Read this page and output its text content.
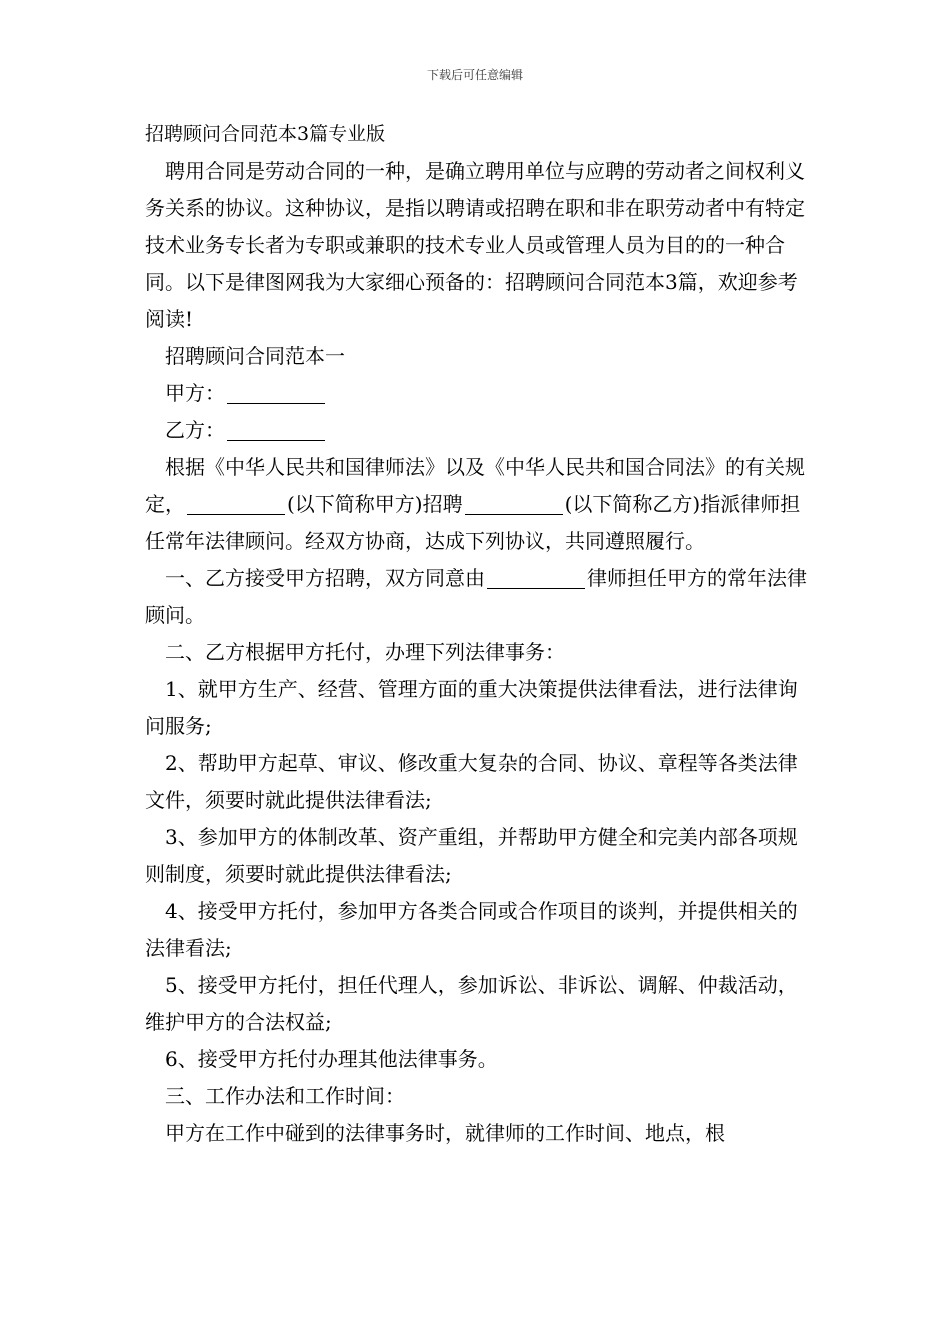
下载后可任意编辑

招聘顾问合同范本3篇专业版

聘用合同是劳动合同的一种，是确立聘用单位与应聘的劳动者之间权利义务关系的协议。这种协议，是指以聘请或招聘在职和非在职劳动者中有特定技术业务专长者为专职或兼职的技术专业人员或管理人员为目的的一种合同。以下是律图网我为大家细心预备的：招聘顾问合同范本3篇，欢迎参考阅读!

招聘顾问合同范本一

甲方：

乙方：

根据《中华人民共和国律师法》以及《中华人民共和国合同法》的有关规定，	(以下简称甲方)招聘	(以下简称乙方)指派律师担任常年法律顾问。经双方协商，达成下列协议，共同遵照履行。

一、乙方接受甲方招聘，双方同意由	律师担任甲方的常年法律顾问。

二、乙方根据甲方托付，办理下列法律事务：

1、就甲方生产、经营、管理方面的重大决策提供法律看法，进行法律询问服务;

2、帮助甲方起草、审议、修改重大复杂的合同、协议、章程等各类法律文件，须要时就此提供法律看法;

3、参加甲方的体制改革、资产重组，并帮助甲方健全和完美内部各项规则制度，须要时就此提供法律看法;

4、接受甲方托付，参加甲方各类合同或合作项目的谈判，并提供相关的法律看法;

5、接受甲方托付，担任代理人，参加诉讼、非诉讼、调解、仲裁活动，维护甲方的合法权益;

6、接受甲方托付办理其他法律事务。

三、工作办法和工作时间：

甲方在工作中碰到的法律事务时，就律师的工作时间、地点，根
